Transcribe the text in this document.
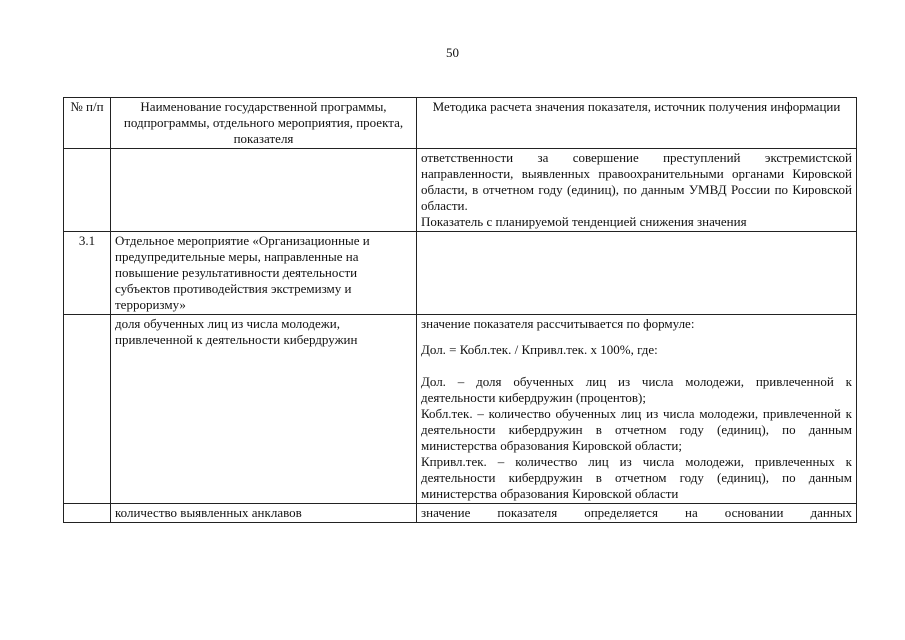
50
№ п/п	Наименование государственной программы, подпрограммы, отдельного мероприятия, проекта, показателя	Методика расчета значения показателя, источник получения информации

		ответственности за совершение преступлений экстремистской направленности, выявленных правоохранительными органами Кировской области, в отчетном году (единиц), по данным УМВД России по Кировской области.
Показатель с планируемой тенденцией снижения значения

3.1	Отдельное мероприятие «Организационные и предупредительные меры, направленные на повышение результативности деятельности субъектов противодействия экстремизму и терроризму»	
	доля обученных лиц из числа молодежи, привлеченной к деятельности кибердружин	значение показателя рассчитывается по формуле:
Дол. = Кобл.тек. / Кпривл.тек. x 100%, где:
Дол. – доля обученных лиц из числа молодежи, привлеченной к деятельности кибердружин (процентов);
Кобл.тек. – количество обученных лиц из числа молодежи, привлеченной к деятельности кибердружин в отчетном году (единиц), по данным министерства образования Кировской области;
Кпривл.тек. – количество лиц из числа молодежи, привлеченных к деятельности кибердружин в отчетном году (единиц), по данным министерства образования Кировской области

	количество выявленных анклавов	значение показателя определяется на основании данных
